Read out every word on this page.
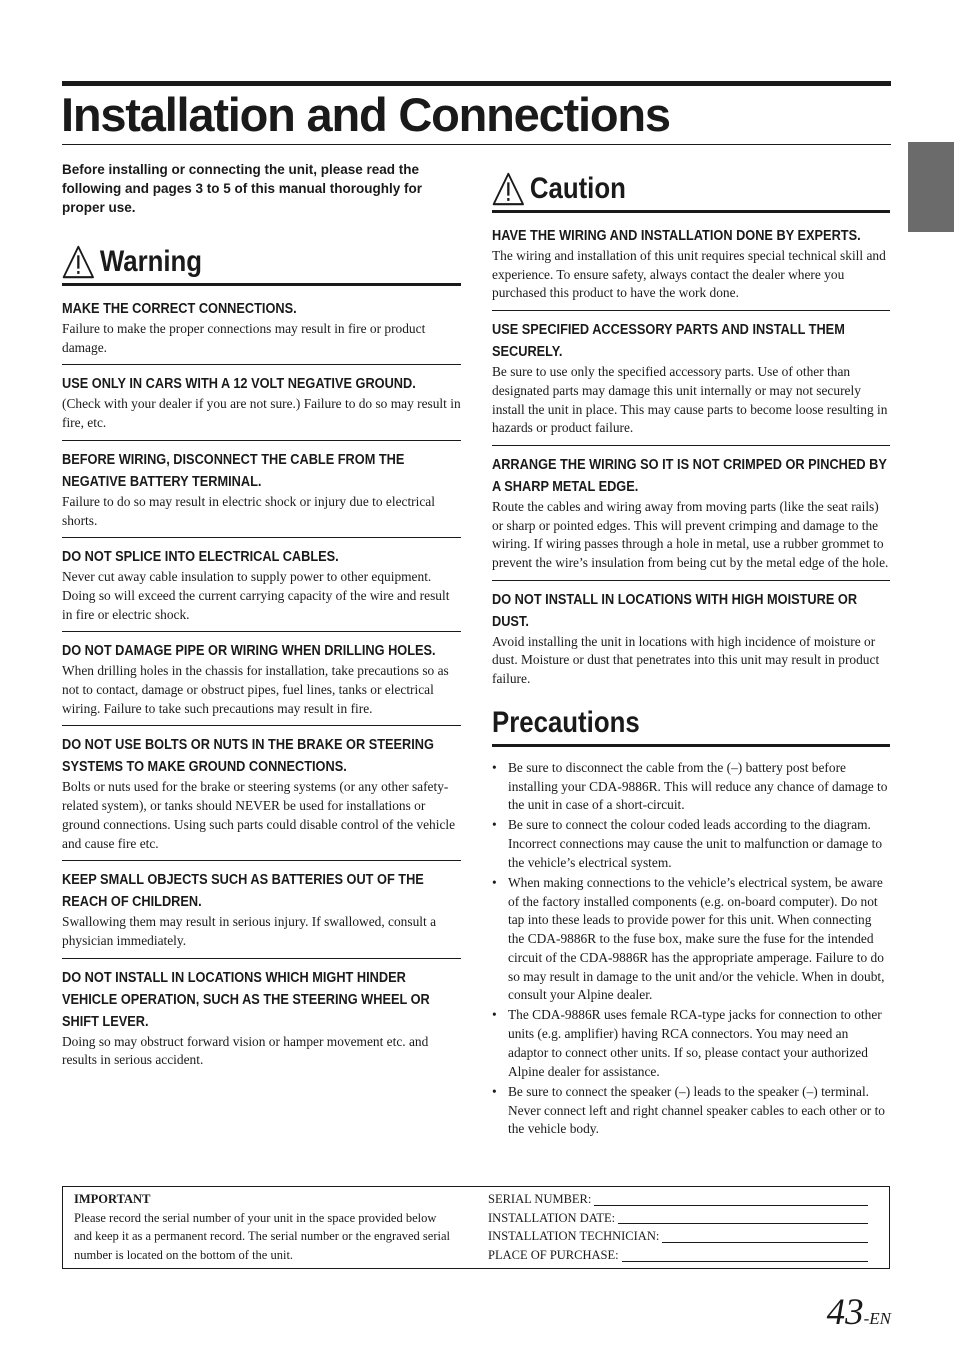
Installation and Connections

Before installing or connecting the unit, please read the following and pages 3 to 5 of this manual thoroughly for proper use.

Warning

MAKE THE CORRECT CONNECTIONS.

Failure to make the proper connections may result in fire or product damage.

USE ONLY IN CARS WITH A 12 VOLT NEGATIVE GROUND.

(Check with your dealer if you are not sure.) Failure to do so may result in fire, etc.

BEFORE WIRING, DISCONNECT THE CABLE FROM THE NEGATIVE BATTERY TERMINAL.

Failure to do so may result in electric shock or injury due to electrical shorts.

DO NOT SPLICE INTO ELECTRICAL CABLES.

Never cut away cable insulation to supply power to other equipment. Doing so will exceed the current carrying capacity of the wire and result in fire or electric shock.

DO NOT DAMAGE PIPE OR WIRING WHEN DRILLING HOLES.

When drilling holes in the chassis for installation, take precautions so as not to contact, damage or obstruct pipes, fuel lines, tanks or electrical wiring. Failure to take such precautions may result in fire.

DO NOT USE BOLTS OR NUTS IN THE BRAKE OR STEERING SYSTEMS TO MAKE GROUND CONNECTIONS.

Bolts or nuts used for the brake or steering systems (or any other safety-related system), or tanks should NEVER be used for installations or ground connections. Using such parts could disable control of the vehicle and cause fire etc.

KEEP SMALL OBJECTS SUCH AS BATTERIES OUT OF THE REACH OF CHILDREN.

Swallowing them may result in serious injury. If swallowed, consult a physician immediately.

DO NOT INSTALL IN LOCATIONS WHICH MIGHT HINDER VEHICLE OPERATION, SUCH AS THE STEERING WHEEL OR SHIFT LEVER.

Doing so may obstruct forward vision or hamper movement etc. and results in serious accident.

Caution

HAVE THE WIRING AND INSTALLATION DONE BY EXPERTS.

The wiring and installation of this unit requires special technical skill and experience. To ensure safety, always contact the dealer where you purchased this product to have the work done.

USE SPECIFIED ACCESSORY PARTS AND INSTALL THEM SECURELY.

Be sure to use only the specified accessory parts. Use of other than designated parts may damage this unit internally or may not securely install the unit in place. This may cause parts to become loose resulting in hazards or product failure.

ARRANGE THE WIRING SO IT IS NOT CRIMPED OR PINCHED BY A SHARP METAL EDGE.

Route the cables and wiring away from moving parts (like the seat rails) or sharp or pointed edges. This will prevent crimping and damage to the wiring. If wiring passes through a hole in metal, use a rubber grommet to prevent the wire’s insulation from being cut by the metal edge of the hole.

DO NOT INSTALL IN LOCATIONS WITH HIGH MOISTURE OR DUST.

Avoid installing the unit in locations with high incidence of moisture or dust. Moisture or dust that penetrates into this unit may result in product failure.

Precautions
• Be sure to disconnect the cable from the (–) battery post before installing your CDA-9886R. This will reduce any chance of damage to the unit in case of a short-circuit.
• Be sure to connect the colour coded leads according to the diagram. Incorrect connections may cause the unit to malfunction or damage to the vehicle’s electrical system.
• When making connections to the vehicle’s electrical system, be aware of the factory installed components (e.g. on-board computer). Do not tap into these leads to provide power for this unit. When connecting the CDA-9886R to the fuse box, make sure the fuse for the intended circuit of the CDA-9886R has the appropriate amperage. Failure to do so may result in damage to the unit and/or the vehicle. When in doubt, consult your Alpine dealer.
• The CDA-9886R uses female RCA-type jacks for connection to other units (e.g. amplifier) having RCA connectors. You may need an adaptor to connect other units. If so, please contact your authorized Alpine dealer for assistance.
• Be sure to connect the speaker (–) leads to the speaker (–) terminal. Never connect left and right channel speaker cables to each other or to the vehicle body.

IMPORTANT

Please record the serial number of your unit in the space provided below and keep it as a permanent record. The serial number or the engraved serial number is located on the bottom of the unit.

SERIAL NUMBER:
INSTALLATION DATE:
INSTALLATION TECHNICIAN:
PLACE OF PURCHASE:
43-EN
